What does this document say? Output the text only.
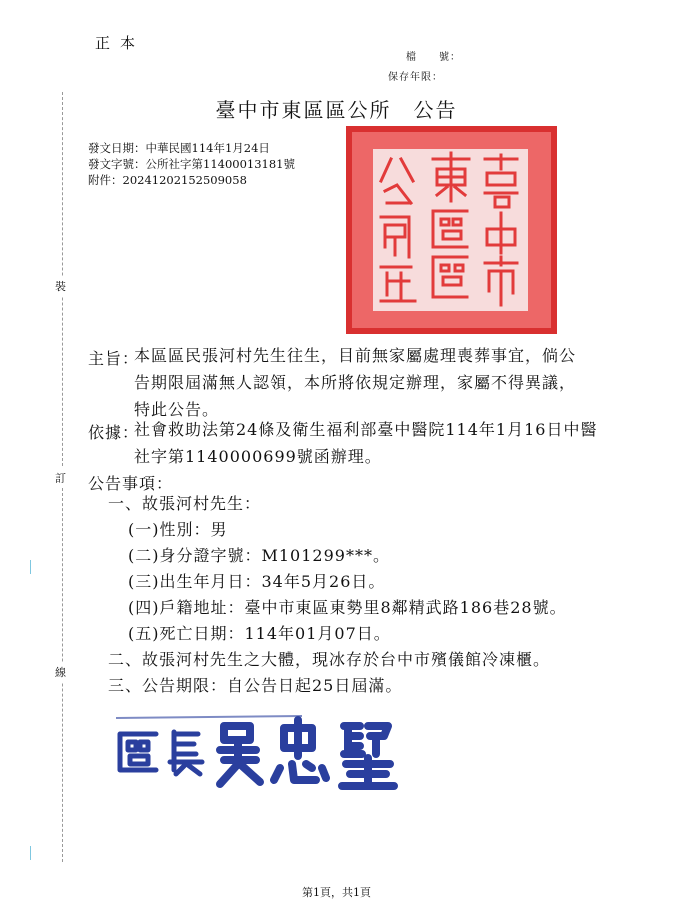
正本
檔　　號：
保存年限：
裝
訂
線
臺中市東區區公所　公告
發文日期：中華民國114年1月24日
發文字號：公所社字第11400013181號
附件：20241202152509058
主旨：
本區區民張河村先生往生，目前無家屬處理喪葬事宜，倘公
告期限屆滿無人認領，本所將依規定辦理，家屬不得異議，
特此公告。
依據：
社會救助法第24條及衛生福利部臺中醫院114年1月16日中醫
社字第1140000699號函辦理。
公告事項：
一、故張河村先生：
(一)性別：男
(二)身分證字號：M101299***。
(三)出生年月日：34年5月26日。
(四)戶籍地址：臺中市東區東勢里8鄰精武路186巷28號。
(五)死亡日期：114年01月07日。
二、故張河村先生之大體，現冰存於台中市殯儀館冷凍櫃。
三、公告期限：自公告日起25日屆滿。
第1頁，共1頁
